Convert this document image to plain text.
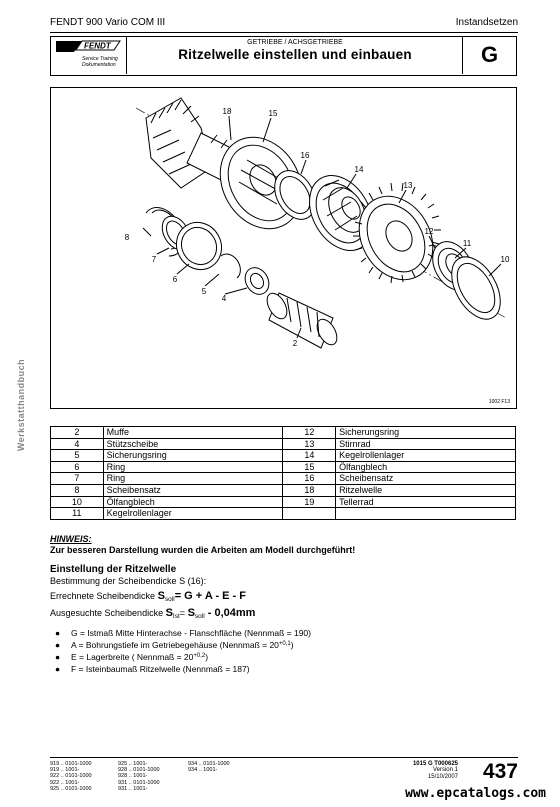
FENDT 900 Vario COM III	Instandsetzen
FENDT
Service Training
Dokumentation
GETRIEBE / ACHSGETRIEBE
Ritzelwelle einstellen und einbauen	G
Werkstatthandbuch
18	15
16
14
13
12
11
10
8
7
6
5
4
2
1002 F13
2	Muffe	12	Sicherungsring
4	Stützscheibe	13	Stirnrad
5	Sicherungsring	14	Kegelrollenlager
6	Ring	15	Ölfangblech
7	Ring	16	Scheibensatz
8	Scheibensatz	18	Ritzelwelle
10	Ölfangblech	19	Tellerrad
11	Kegelrollenlager		
HINWEIS:
Zur besseren Darstellung wurden die Arbeiten am Modell durchgeführt!
Einstellung der Ritzelwelle
Bestimmung der Scheibendicke S (16):
Errechnete Scheibendicke $S_{soll}= G + A - E - F$
Ausgesuchte Scheibendicke $S_{Ist}= S_{soll} - 0,04mm$
● G = Istmaß Mitte Hinterachse - Flanschfläche (Nennmaß = 190)
● A = Bohrungstiefe im Getriebegehäuse (Nennmaß = $20^{+0,1}$)
● E = Lagerbreite ( Nennmaß = $20^{+0,2}$)
● F = Isteinbaumaß Ritzelwelle (Nennmaß = 187)
919 .. 0101-1000
919 .. 1001-
922 .. 0101-1000
922 .. 1001-
925 .. 0101-1000
925 .. 1001-
928 .. 0101-1000
928 .. 1001-
931 .. 0101-1000
931 .. 1001-
934 .. 0101-1000
934 .. 1001-
1015 G T000625
Version 1
15/10/2007	437
www.epcatalogs.com
